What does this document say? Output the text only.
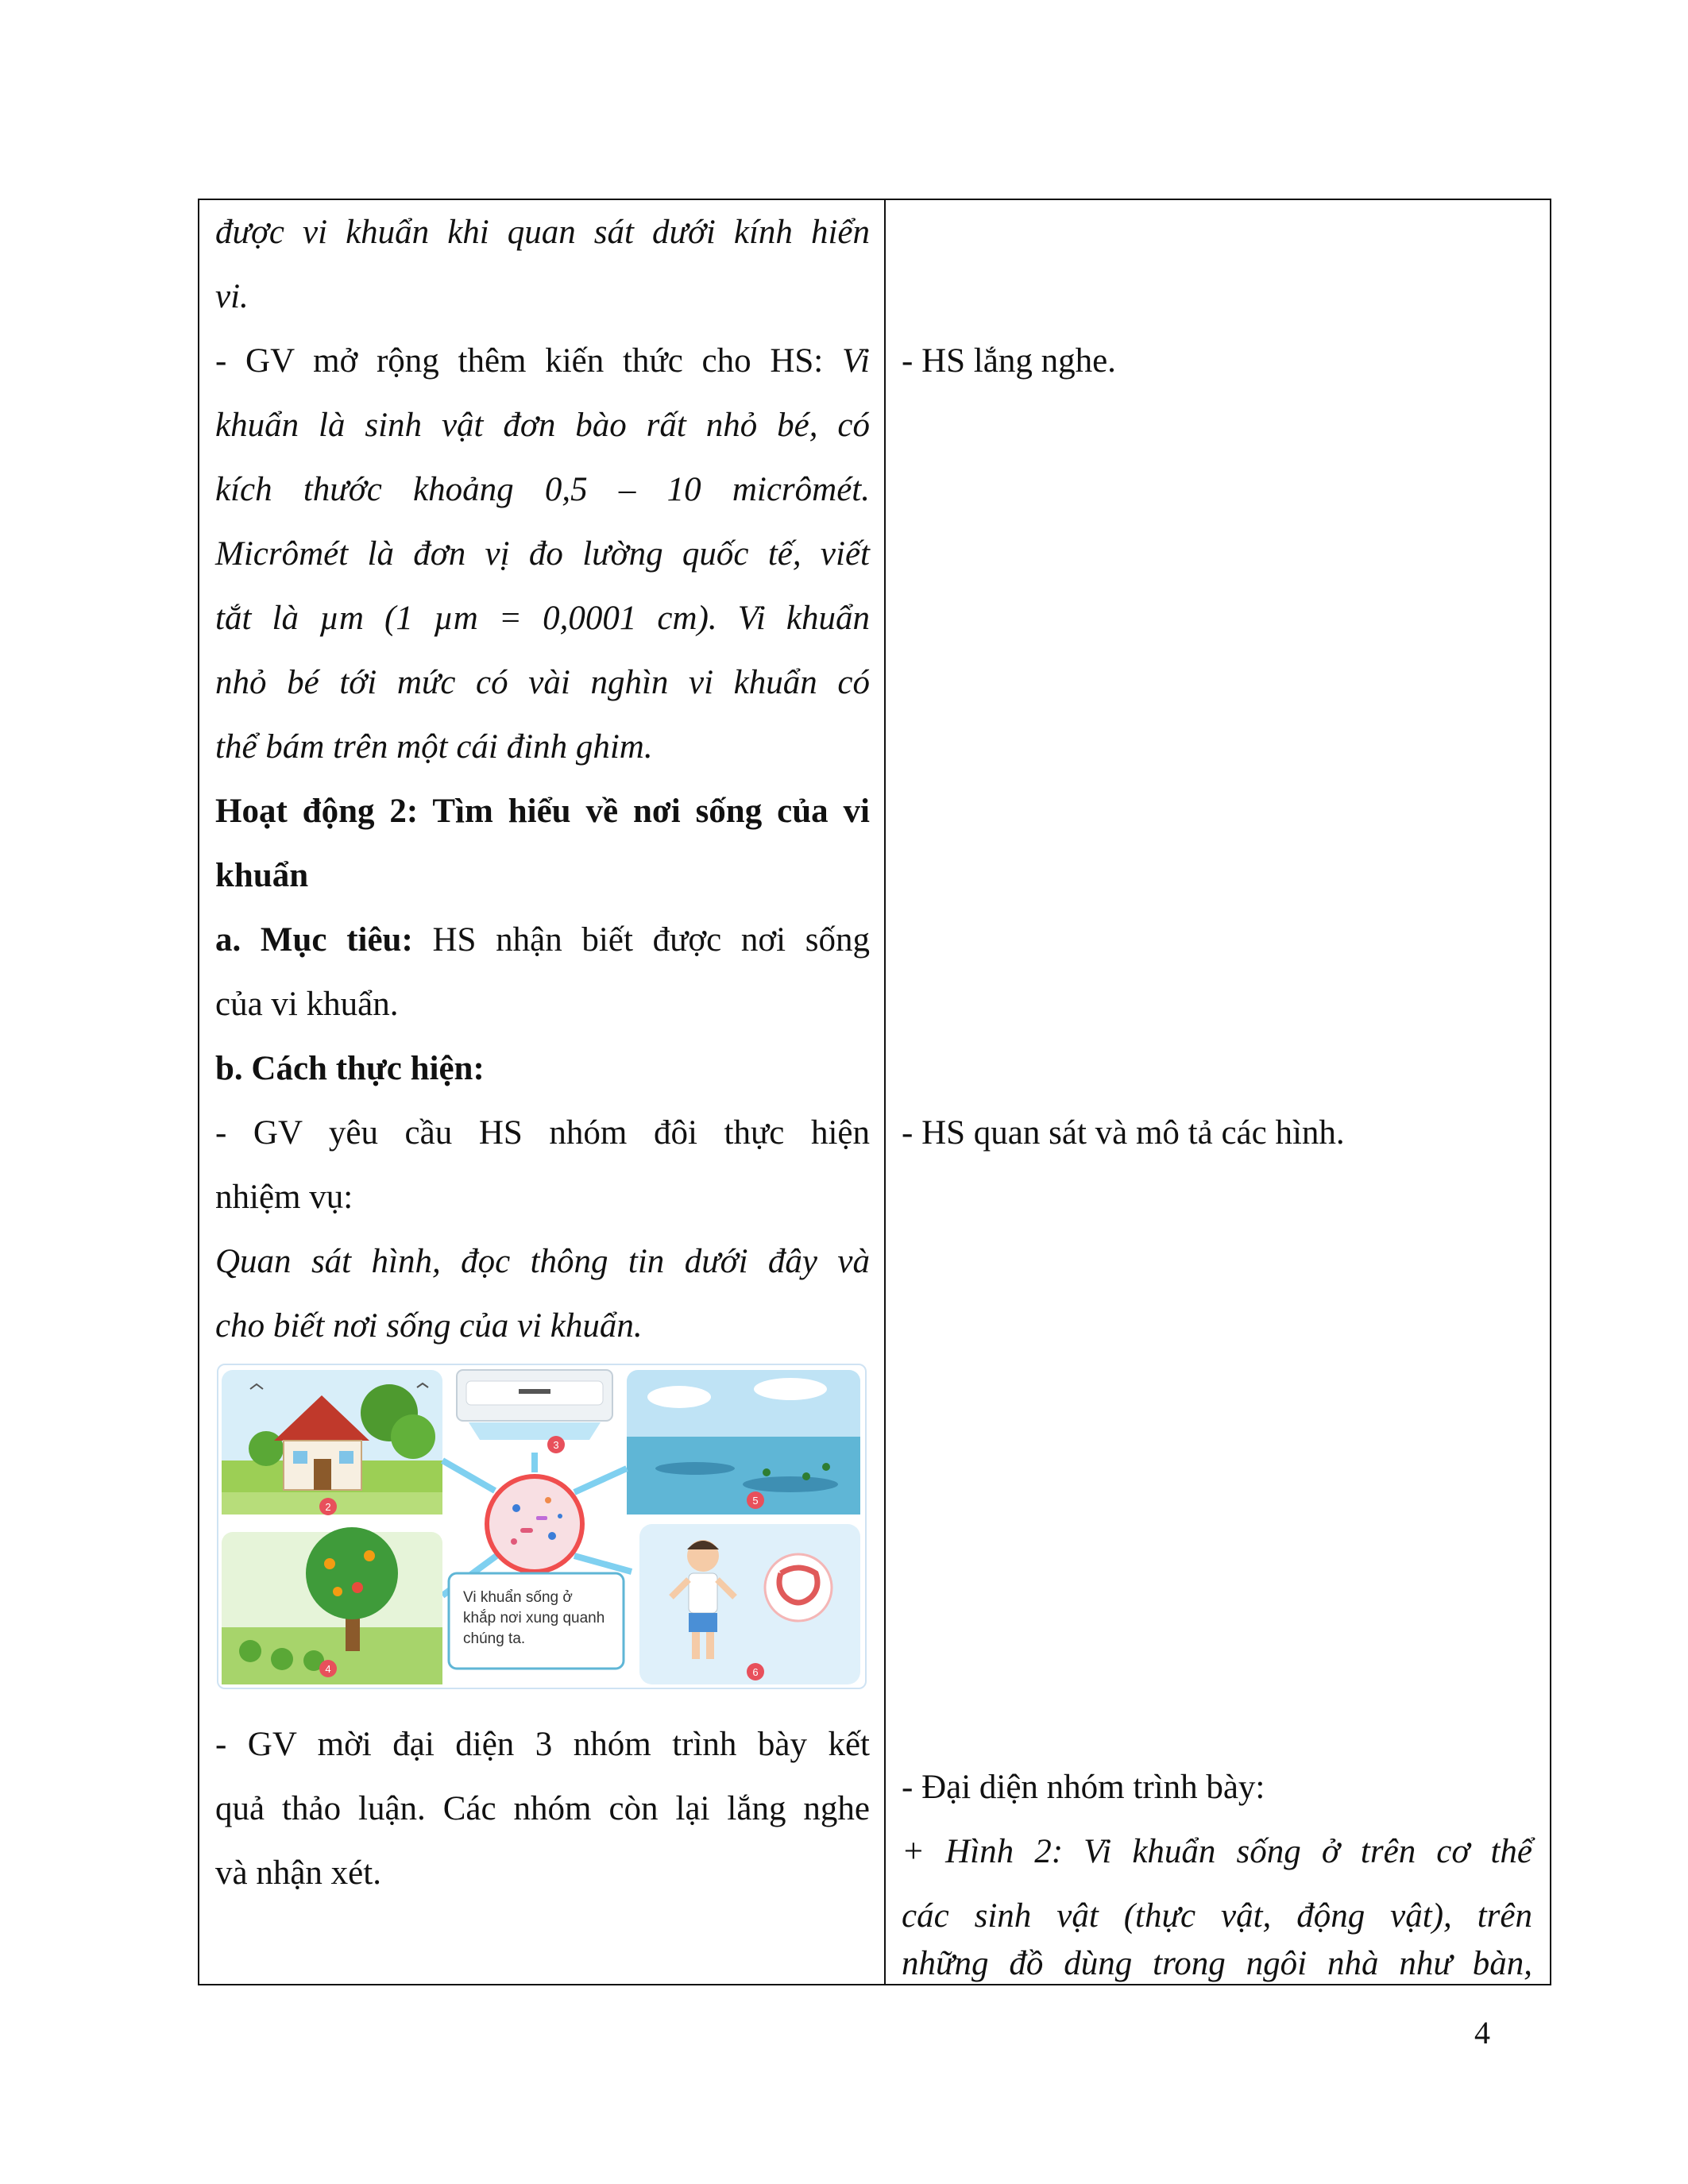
được vi khuẩn khi quan sát dưới kính hiển
vi.
- GV mở rộng thêm kiến thức cho HS: Vi
khuẩn là sinh vật đơn bào rất nhỏ bé, có
kích thước khoảng 0,5 – 10 micrômét.
Micrômét là đơn vị đo lường quốc tế, viết
tắt là µm (1 µm = 0,0001 cm). Vi khuẩn
nhỏ bé tới mức có vài nghìn vi khuẩn có
thể bám trên một cái đinh ghim.
Hoạt động 2: Tìm hiểu về nơi sống của vi
khuẩn
a. Mục tiêu: HS nhận biết được nơi sống
của vi khuẩn.
b. Cách thực hiện:
- GV yêu cầu HS nhóm đôi thực hiện
nhiệm vụ:
Quan sát hình, đọc thông tin dưới đây và
cho biết nơi sống của vi khuẩn.
2
3
5
4
Vi khuẩn sống ở
khắp nơi xung quanh
chúng ta.
6
- GV mời đại diện 3 nhóm trình bày kết
quả thảo luận. Các nhóm còn lại lắng nghe
và nhận xét.
- HS lắng nghe.
- HS quan sát và mô tả các hình.
- Đại diện nhóm trình bày:
+ Hình 2: Vi khuẩn sống ở trên cơ thể
các sinh vật (thực vật, động vật), trên
những đồ dùng trong ngôi nhà như bàn,
4
